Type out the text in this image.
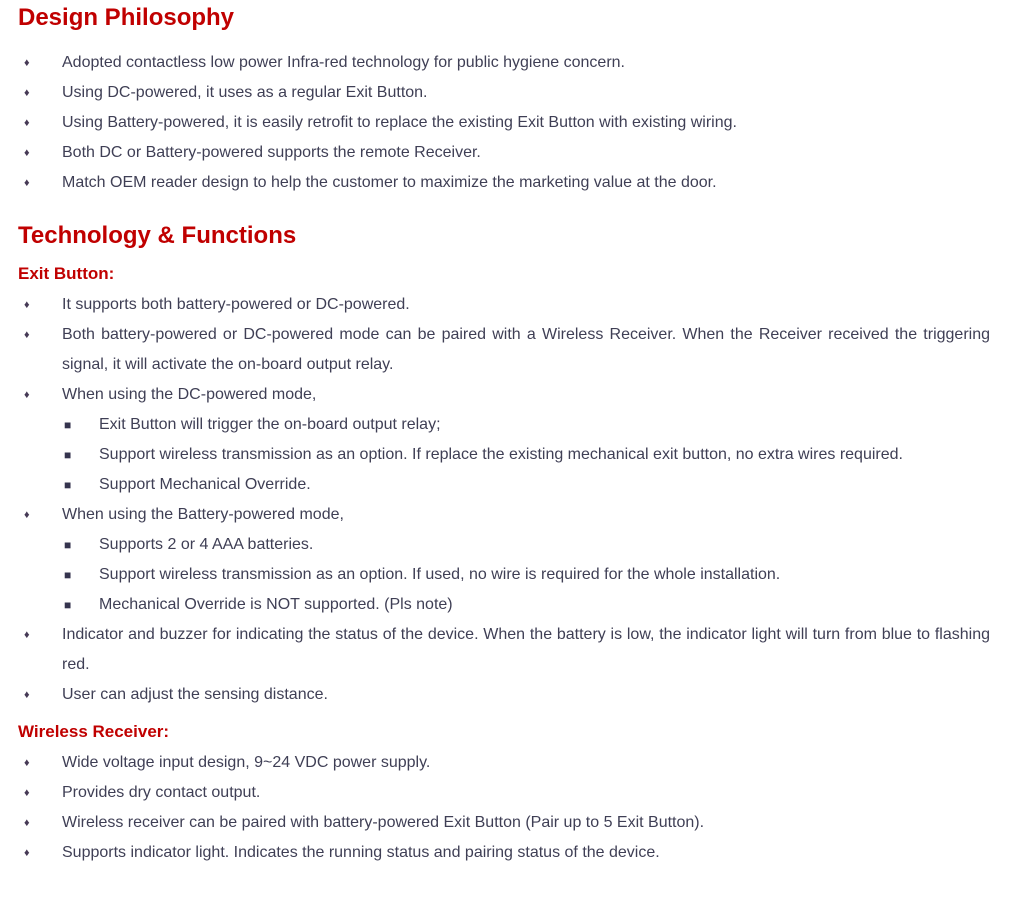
Design Philosophy
♦ Adopted contactless low power Infra-red technology for public hygiene concern.
♦ Using DC-powered, it uses as a regular Exit Button.
♦ Using Battery-powered, it is easily retrofit to replace the existing Exit Button with existing wiring.
♦ Both DC or Battery-powered supports the remote Receiver.
♦ Match OEM reader design to help the customer to maximize the marketing value at the door.
Technology & Functions
Exit Button:
♦ It supports both battery-powered or DC-powered.
♦ Both battery-powered or DC-powered mode can be paired with a Wireless Receiver. When the Receiver received the triggering signal, it will activate the on-board output relay.
♦ When using the DC-powered mode,
■ Exit Button will trigger the on-board output relay;
■ Support wireless transmission as an option. If replace the existing mechanical exit button, no extra wires required.
■ Support Mechanical Override.
♦ When using the Battery-powered mode,
■ Supports 2 or 4 AAA batteries.
■ Support wireless transmission as an option. If used, no wire is required for the whole installation.
■ Mechanical Override is NOT supported. (Pls note)
♦ Indicator and buzzer for indicating the status of the device. When the battery is low, the indicator light will turn from blue to flashing red.
♦ User can adjust the sensing distance.
Wireless Receiver:
♦ Wide voltage input design, 9~24 VDC power supply.
♦ Provides dry contact output.
♦ Wireless receiver can be paired with battery-powered Exit Button (Pair up to 5 Exit Button).
♦ Supports indicator light. Indicates the running status and pairing status of the device.
